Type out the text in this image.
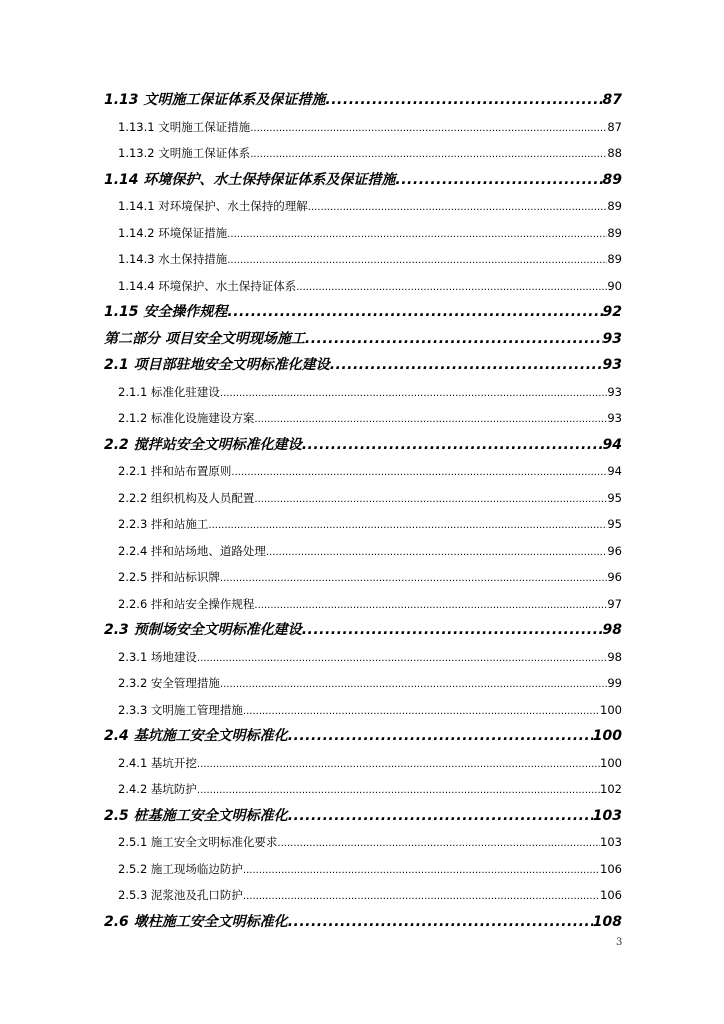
1.13 文明施工保证体系及保证措施 .....	87
1.13.1 文明施工保证措施 .....	87
1.13.2 文明施工保证体系 .....	88
1.14 环境保护、水土保持保证体系及保证措施 .....	89
1.14.1 对环境保护、水土保持的理解 .....	89
1.14.2 环境保证措施 .....	89
1.14.3 水土保持措施 .....	89
1.14.4 环境保护、水土保持证体系 .....	90
1.15 安全操作规程 .....	92
第二部分 项目安全文明现场施工 .....	93
2.1 项目部驻地安全文明标准化建设 .....	93
2.1.1 标准化驻建设 .....	93
2.1.2 标准化设施建设方案 .....	93
2.2 搅拌站安全文明标准化建设 .....	94
2.2.1 拌和站布置原则 .....	94
2.2.2 组织机构及人员配置 .....	95
2.2.3 拌和站施工 .....	95
2.2.4 拌和站场地、道路处理 .....	96
2.2.5 拌和站标识牌 .....	96
2.2.6 拌和站安全操作规程 .....	97
2.3 预制场安全文明标准化建设 .....	98
2.3.1 场地建设 .....	98
2.3.2 安全管理措施 .....	99
2.3.3 文明施工管理措施 .....	100
2.4 基坑施工安全文明标准化 .....	100
2.4.1 基坑开挖 .....	100
2.4.2 基坑防护 .....	102
2.5 桩基施工安全文明标准化 .....	103
2.5.1 施工安全文明标准化要求 .....	103
2.5.2 施工现场临边防护 .....	106
2.5.3 泥浆池及孔口防护 .....	106
2.6 墩柱施工安全文明标准化 .....	108
3
